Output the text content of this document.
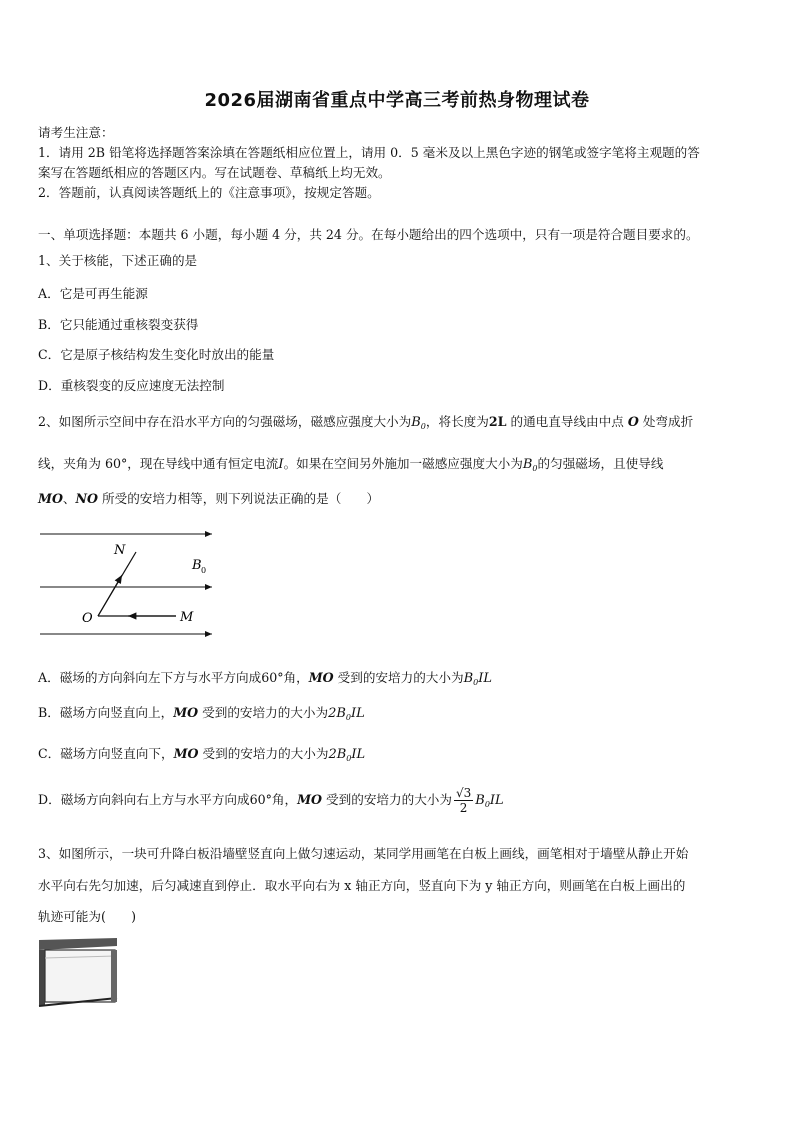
2026届湖南省重点中学高三考前热身物理试卷
请考生注意：
1．请用 2B 铅笔将选择题答案涂填在答题纸相应位置上，请用 0．5 毫米及以上黑色字迹的钢笔或签字笔将主观题的答
案写在答题纸相应的答题区内。写在试题卷、草稿纸上均无效。
2．答题前，认真阅读答题纸上的《注意事项》，按规定答题。
一、单项选择题：本题共 6 小题，每小题 4 分，共 24 分。在每小题给出的四个选项中，只有一项是符合题目要求的。
1、关于核能，下述正确的是
A．它是可再生能源
B．它只能通过重核裂变获得
C．它是原子核结构发生变化时放出的能量
D．重核裂变的反应速度无法控制
2、如图所示空间中存在沿水平方向的匀强磁场，磁感应强度大小为$B_0$，将长度为2L 的通电直导线由中点 O 处弯成折
线，夹角为 60°，现在导线中通有恒定电流I。如果在空间另外施加一磁感应强度大小为$B_0$的匀强磁场，且使导线
MO、NO 所受的安培力相等，则下列说法正确的是（　　）
N
O	M
B 0
A．磁场的方向斜向左下方与水平方向成60°角，MO 受到的安培力的大小为$B_0IL$
B．磁场方向竖直向上，MO 受到的安培力的大小为$2B_0IL$
C．磁场方向竖直向下，MO 受到的安培力的大小为$2B_0IL$
D．磁场方向斜向右上方与水平方向成60°角，MO 受到的安培力的大小为 $\frac{√3}{2} B_0IL$
3、如图所示，一块可升降白板沿墙壁竖直向上做匀速运动，某同学用画笔在白板上画线，画笔相对于墙壁从静止开始
水平向右先匀加速，后匀减速直到停止．取水平向右为 x 轴正方向，竖直向下为 y 轴正方向，则画笔在白板上画出的
轨迹可能为(　　)
